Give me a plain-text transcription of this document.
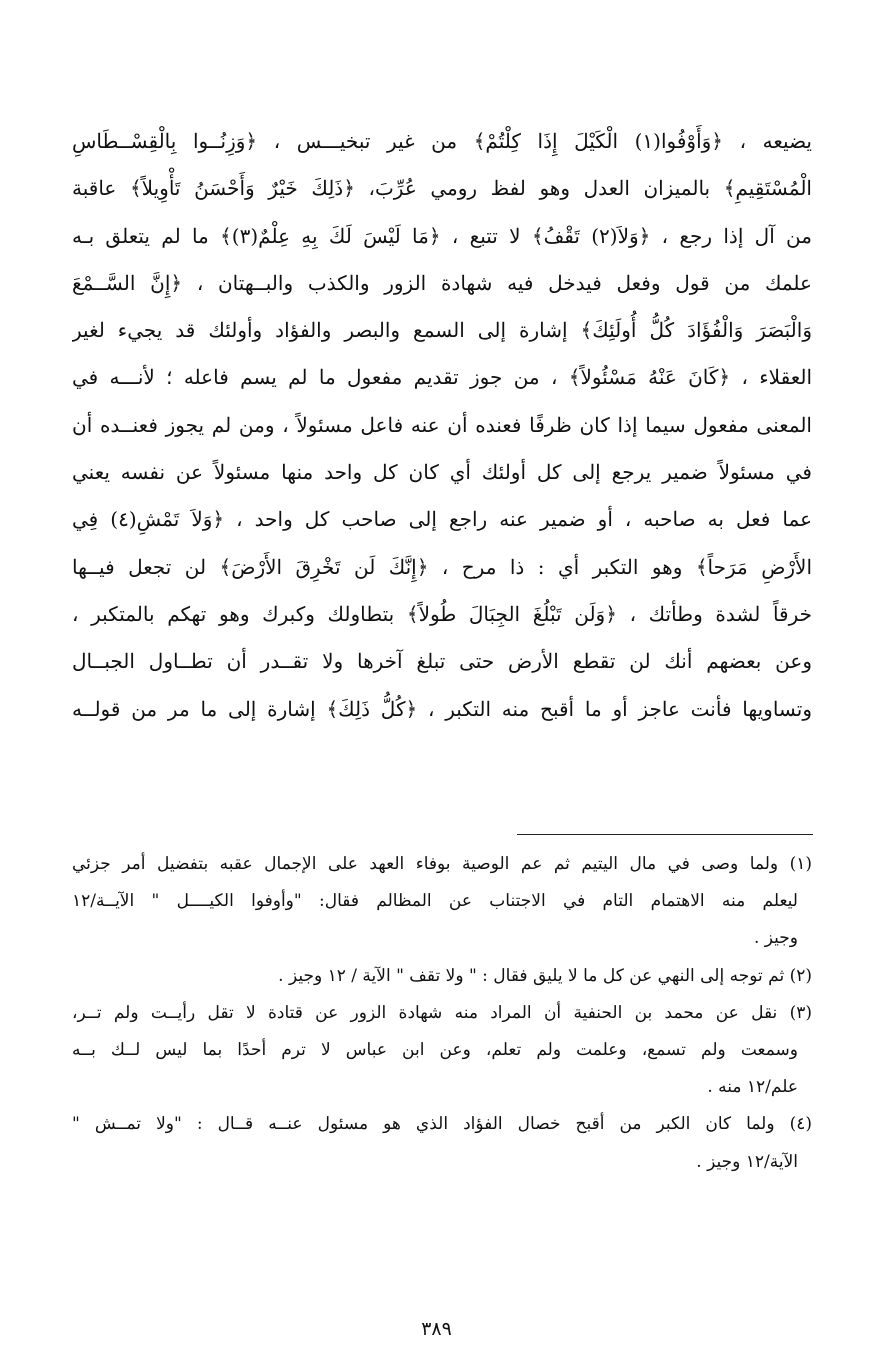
يضيعه ، ﴿وَأَوْفُوا(١) الْكَيْلَ إِذَا كِلْتُمْ﴾ من غير تبخيـــس ، ﴿وَزِنُــوا بِالْقِسْــطَاسِ
الْمُسْتَقِيمِ﴾ بالميزان العدل وهو لفظ رومي عُرِّبَ، ﴿ذَلِكَ خَيْرٌ وَأَحْسَنُ تَأْوِيلاً﴾ عاقبة
من آل إذا رجع ، ﴿وَلاَ(٢) تَقْفُ﴾ لا تتبع ، ﴿مَا لَيْسَ لَكَ بِهِ عِلْمٌ(٣)﴾ ما لم يتعلق بـه
علمك من قول وفعل فيدخل فيه شهادة الزور والكذب والبــهتان ، ﴿إِنَّ السَّــمْعَ
وَالْبَصَرَ وَالْفُؤَادَ كُلُّ أُولَئِكَ﴾ إشارة إلى السمع والبصر والفؤاد وأولئك قد يجيء لغير
العقلاء ، ﴿كَانَ عَنْهُ مَسْئُولاً﴾ ، من جوز تقديم مفعول ما لم يسم فاعله ؛ لأنـــه في
المعنى مفعول سيما إذا كان ظرفًا فعنده أن عنه فاعل مسئولاً ، ومن لم يجوز فعنــده أن
في مسئولاً ضمير يرجع إلى كل أولئك أي كان كل واحد منها مسئولاً عن نفسه يعني
عما فعل به صاحبه ، أو ضمير عنه راجع إلى صاحب كل واحد ، ﴿وَلاَ تَمْشِ(٤) فِي
الأَرْضِ مَرَحاً﴾ وهو التكبر أي : ذا مرح ، ﴿إِنَّكَ لَن تَخْرِقَ الأَرْضَ﴾ لن تجعل فيــها
خرقاً لشدة وطأتك ، ﴿وَلَن تَبْلُغَ الجِبَالَ طُولاً﴾ بتطاولك وكبرك وهو تهكم بالمتكبر ،
وعن بعضهم أنك لن تقطع الأرض حتى تبلغ آخرها ولا تقــدر أن تطــاول الجبــال
وتساويها فأنت عاجز أو ما أقبح منه التكبر ، ﴿كُلُّ ذَلِكَ﴾ إشارة إلى ما مر من قولــه
(١) ولما وصى في مال اليتيم ثم عم الوصية بوفاء العهد على الإجمال عقبه بتفضيل أمر جزئي
ليعلم منه الاهتمام التام في الاجتناب عن المظالم فقال: "وأوفوا الكيــــل " الآيــة/١٢
وجيز .
(٢) ثم توجه إلى النهي عن كل ما لا يليق فقال : " ولا تقف " الآية / ١٢ وجيز .
(٣) نقل عن محمد بن الحنفية أن المراد منه شهادة الزور عن قتادة لا تقل رأيــت ولم تــر،
وسمعت ولم تسمع، وعلمت ولم تعلم، وعن ابن عباس لا ترم أحدًا بما ليس لــك بــه
علم/١٢ منه .
(٤) ولما كان الكبر من أقبح خصال الفؤاد الذي هو مسئول عنــه قــال : "ولا تمــش "
الآية/١٢ وجيز .
٣٨٩
